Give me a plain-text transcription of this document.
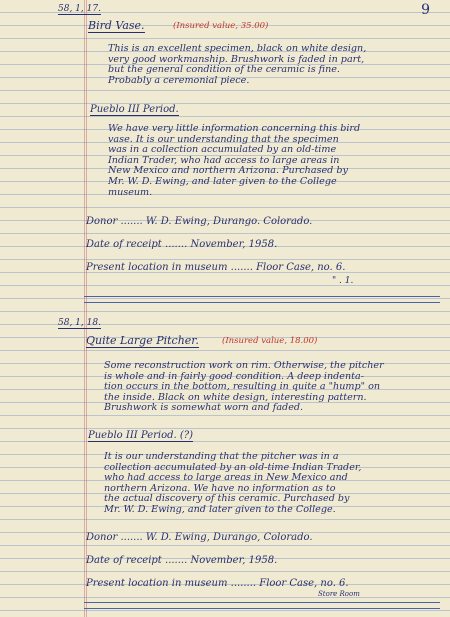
9
58, 1, 17.
Bird Vase.	(Insured value, 35.00)
This is an excellent specimen, black on white design,
very good workmanship. Brushwork is faded in part,
but the general condition of the ceramic is fine.
Probably a ceremonial piece.
Pueblo III Period.
We have very little information concerning this bird
vase. It is our understanding that the specimen
was in a collection accumulated by an old-time
Indian Trader, who had access to large areas in
New Mexico and northern Arizona. Purchased by
Mr. W. D. Ewing, and later given to the College
museum.
Donor ....... W. D. Ewing, Durango. Colorado.
Date of receipt ....... November, 1958.
Present location in museum ....... Floor Case, no. 6.
" . 1.
58, 1, 18.
Quite Large Pitcher.	(Insured value, 18.00)
Some reconstruction work on rim. Otherwise, the pitcher
is whole and in fairly good condition. A deep indenta-
tion occurs in the bottom, resulting in quite a "hump" on
the inside. Black on white design, interesting pattern.
Brushwork is somewhat worn and faded.
Pueblo III Period. (?)
It is our understanding that the pitcher was in a
collection accumulated by an old-time Indian Trader,
who had access to large areas in New Mexico and
northern Arizona. We have no information as to
the actual discovery of this ceramic. Purchased by
Mr. W. D. Ewing, and later given to the College.
Donor ....... W. D. Ewing, Durango, Colorado.
Date of receipt ....... November, 1958.
Present location in museum ........ Floor Case, no. 6.
Store Room
